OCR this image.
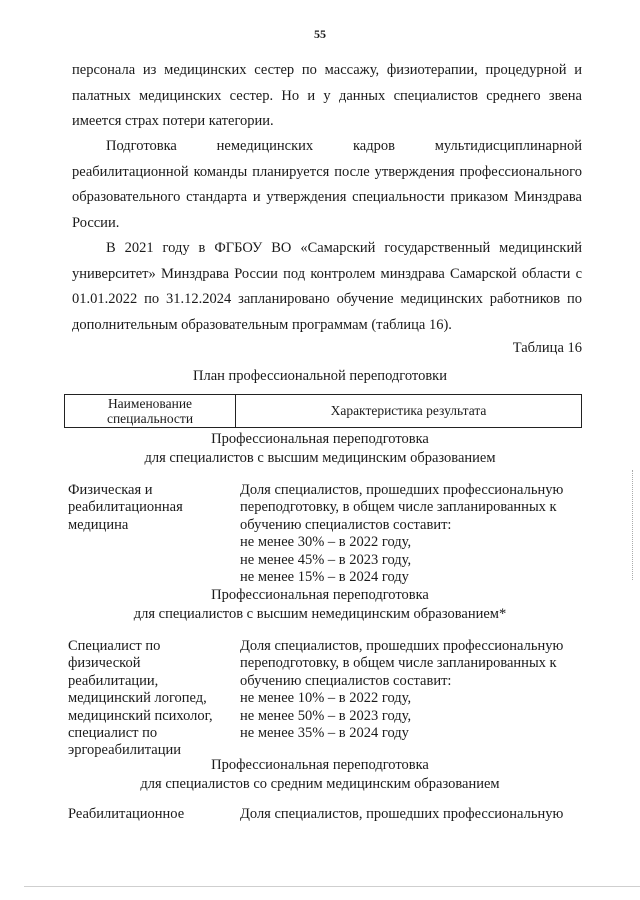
55

персонала из медицинских сестер по массажу, физиотерапии, процедурной и палатных медицинских сестер. Но и у данных специалистов среднего звена имеется страх потери категории.

Подготовка немедицинских кадров мультидисциплинарной реабилитационной команды планируется после утверждения профессионального образовательного стандарта и утверждения специальности приказом Минздрава России.

В 2021 году в ФГБОУ ВО «Самарский государственный медицинский университет» Минздрава России под контролем минздрава Самарской области с 01.01.2022 по 31.12.2024 запланировано обучение медицинских работников по дополнительным образовательным программам (таблица 16).

Таблица 16
План профессиональной переподготовки
Наименование
специальности
Характеристика результата
Профессиональная переподготовка
для специалистов с высшим медицинским образованием
Физическая и
реабилитационная
медицина
Доля специалистов, прошедших профессиональную
переподготовку, в общем числе запланированных к
обучению специалистов составит:
не менее 30% – в 2022 году,
не менее 45% – в 2023 году,
не менее 15% – в 2024 году
Профессиональная переподготовка
для специалистов с высшим немедицинским образованием*
Специалист по
физической
реабилитации,
медицинский логопед,
медицинский психолог,
специалист по
эргореабилитации
Доля специалистов, прошедших профессиональную
переподготовку, в общем числе запланированных к
обучению специалистов составит:
не менее 10% – в 2022 году,
не менее 50% – в 2023 году,
не менее 35% – в 2024 году
Профессиональная переподготовка
для специалистов со средним медицинским образованием
Реабилитационное	Доля специалистов, прошедших профессиональную
